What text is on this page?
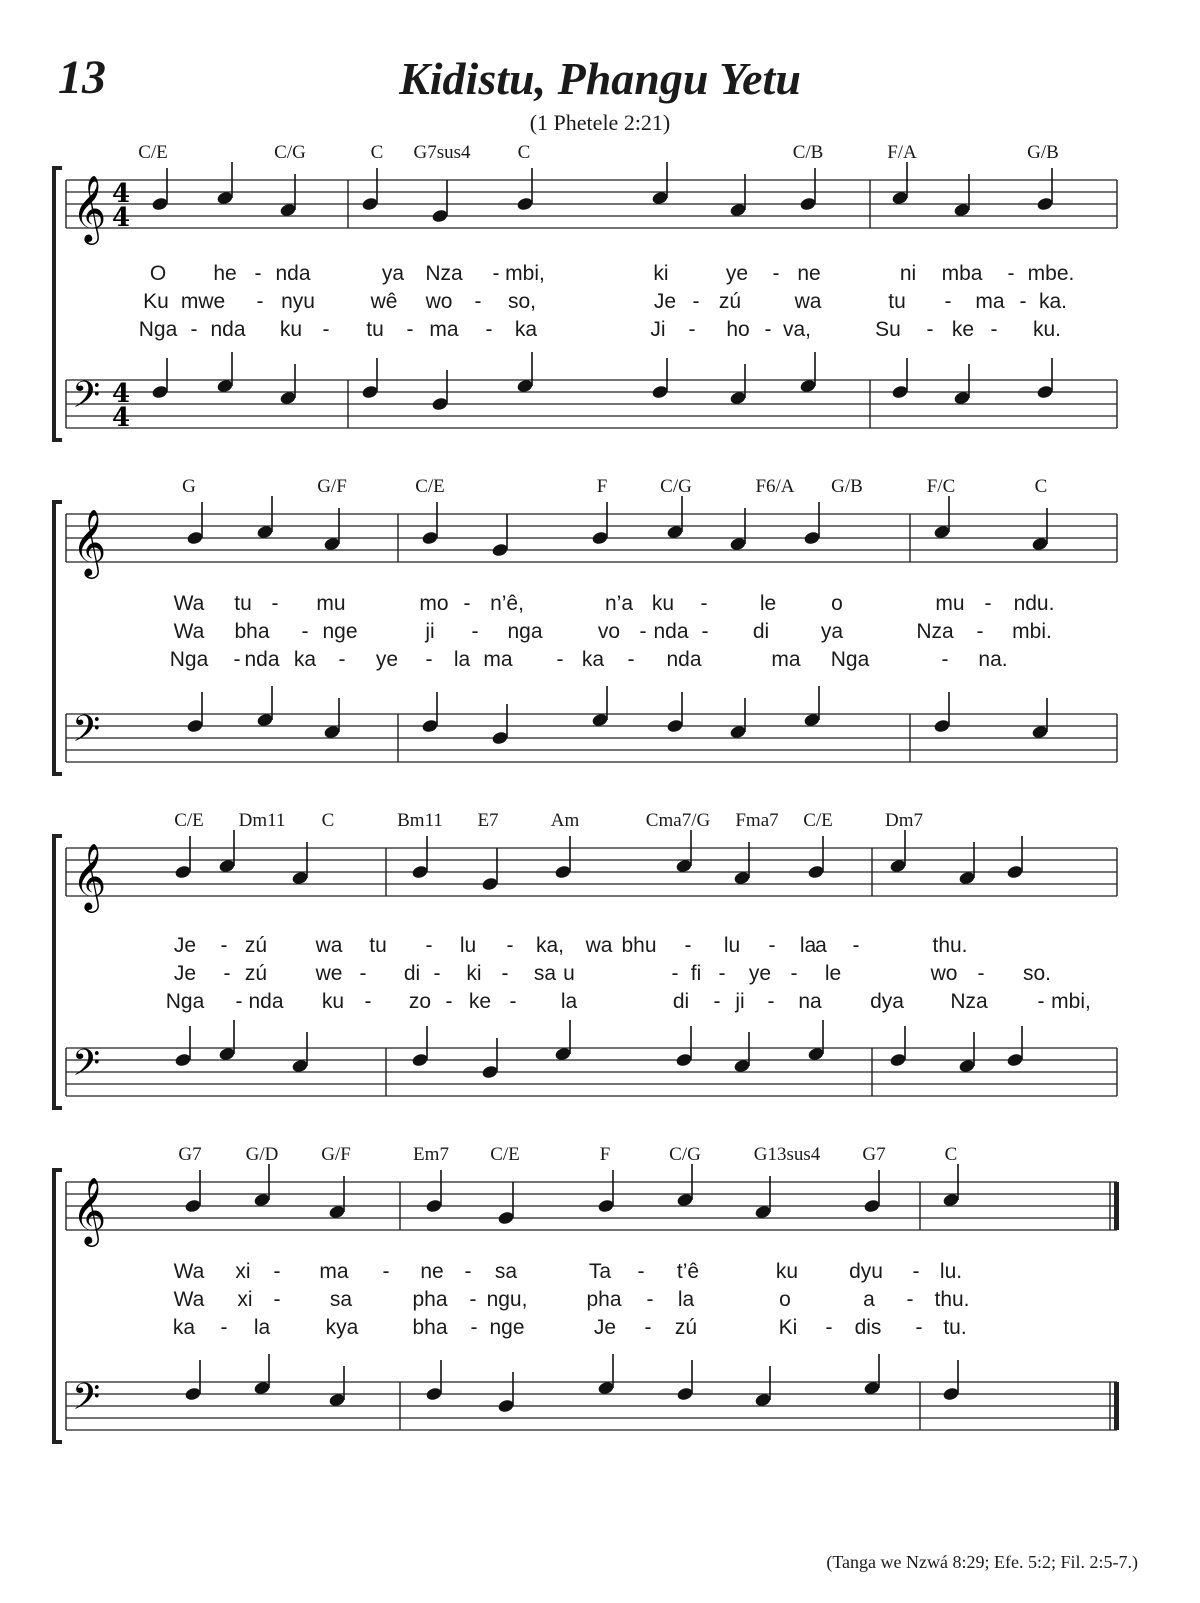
13	Kidistu, Phangu Yetu
(1 Phetele 2:21)
(Tanga we Nzwá 8:29; Efe. 5:2; Fil. 2:5-7.)
C/E	C/G	C G7sus4 C	C/B	F/A	G/B
O he - nda	ya Nza - mbi,	ki	ye - ne	ni mba - mbe.
Ku mwe - nyu	wê wo - so,	Je - zú	wa	tu - ma - ka.
Nga - nda ku - tu - ma - ka	Ji - ho - va,	Su - ke - ku.
G	G/F	C/E	F	C/G	F6/A G/B	F/C	C
Wa tu - mu	mo - n’ê,	n’a ku - le	o	mu - ndu.
Wa bha - nge	ji - nga	vo - nda - di ya	Nza - mbi.
Nga - nda ka - ye - la ma - ka - nda	ma Nga	- na.
C/E Dm11 C	Bm11 E7	Am	Cma7/G Fma7 C/E	Dm7
Je - zú wa tu - lu - ka, wa bhu - lu - la
a -	thu.
Je - zú we - di - ki - sa u	- fi - ye - le	wo - so.
Nga - nda ku - zo - ke - la	di - ji - na dya Nza - mbi,
G7 G/D G/F	Em7 C/E	F	C/G	G13sus4 G7	C
Wa xi - ma - ne - sa	Ta - t’ê	ku dyu - lu.
Wa xi - sa	pha - ngu,	pha - la	o	a - thu.
ka - la	kya	bha - nge	Je - zú	Ki - dis - tu.
𝄞 4
4
𝄢 4
4
𝄞
𝄢
𝄞
𝄢
𝄞
𝄢
